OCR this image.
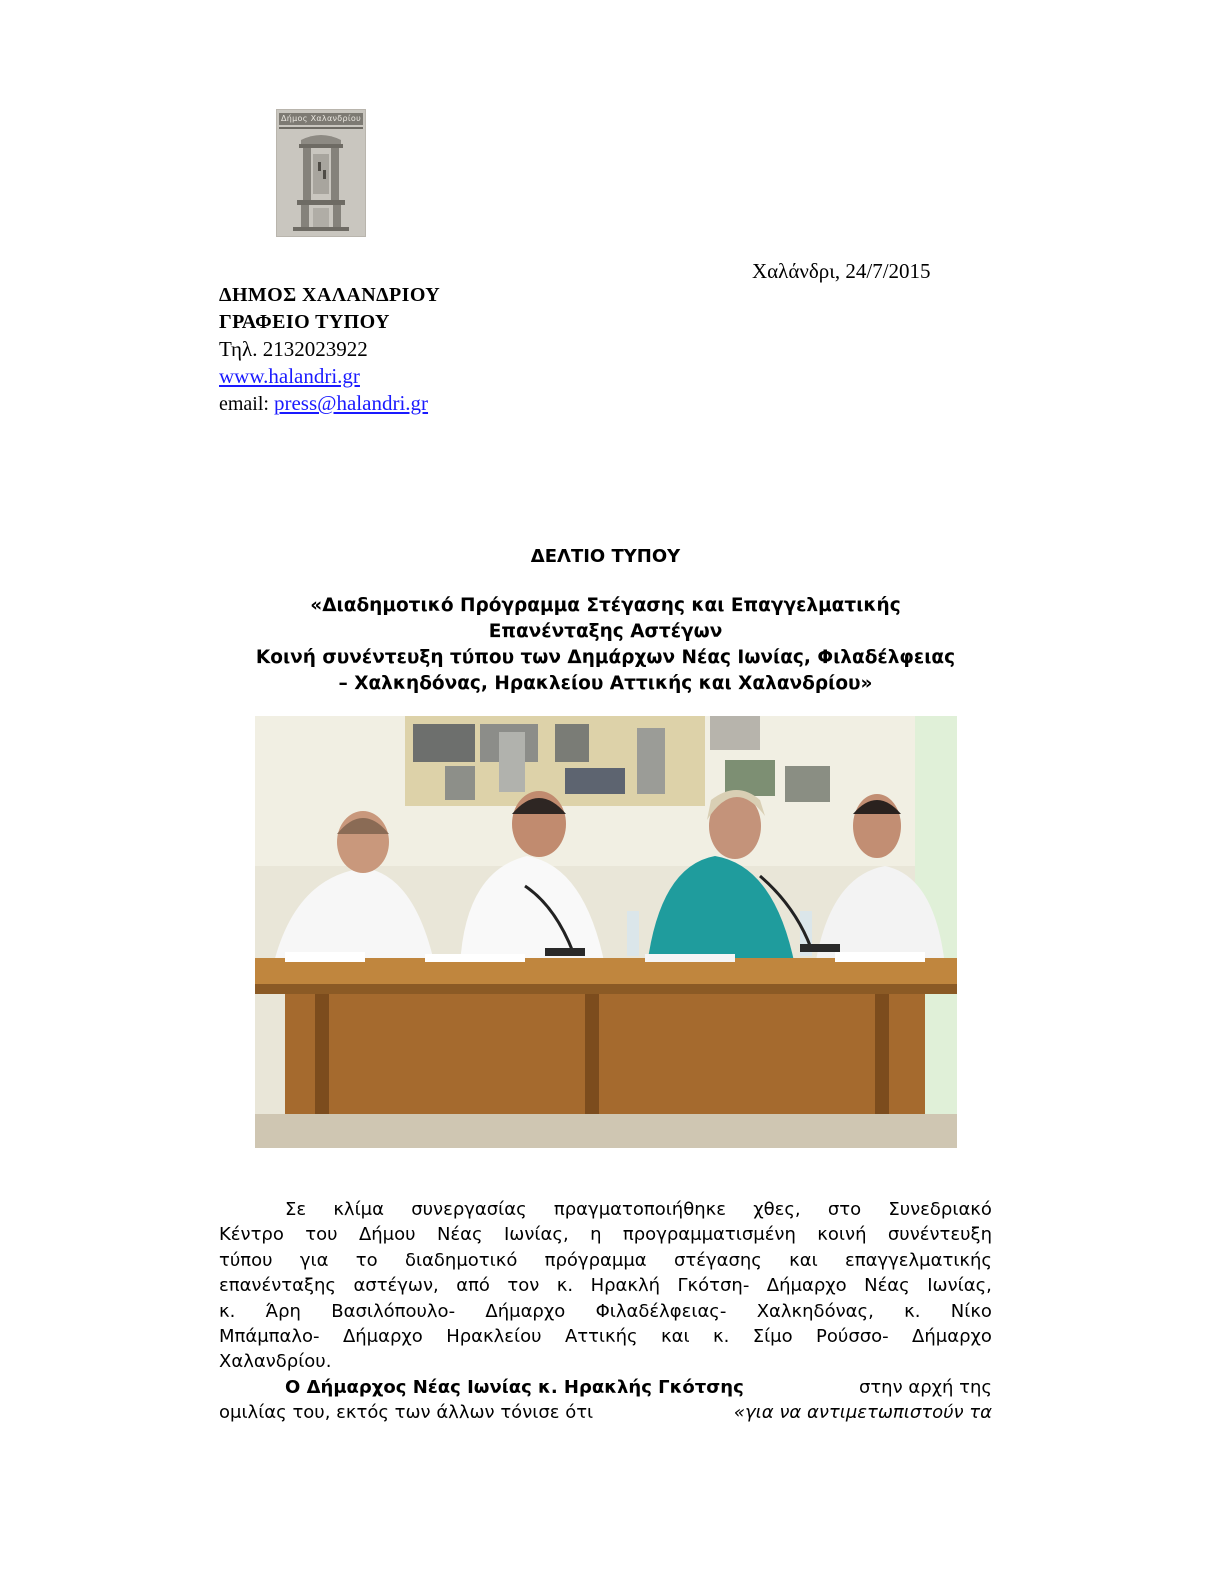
Δήμος Χαλανδρίου
Χαλάνδρι, 24/7/2015
ΔΗΜΟΣ ΧΑΛΑΝΔΡΙΟΥ
ΓΡΑΦΕΙΟ ΤΥΠΟΥ
Τηλ. 2132023922
www.halandri.gr
email: press@halandri.gr
ΔΕΛΤΙΟ ΤΥΠΟΥ
«Διαδημοτικό Πρόγραμμα Στέγασης και Επαγγελματικής
Επανένταξης Αστέγων
Κοινή συνέντευξη τύπου των Δημάρχων Νέας Ιωνίας, Φιλαδέλφειας
– Χαλκηδόνας, Ηρακλείου Αττικής και Χαλανδρίου»
Σε κλίμα συνεργασίας πραγματοποιήθηκε χθες, στο Συνεδριακό
Κέντρο του Δήμου Νέας Ιωνίας, η προγραμματισμένη κοινή συνέντευξη
τύπου για το διαδημοτικό πρόγραμμα στέγασης και επαγγελματικής
επανένταξης αστέγων, από τον κ. Ηρακλή Γκότση- Δήμαρχο Νέας Ιωνίας,
κ. Άρη Βασιλόπουλο- Δήμαρχο Φιλαδέλφειας- Χαλκηδόνας, κ. Νίκο
Μπάμπαλο- Δήμαρχο Ηρακλείου Αττικής και κ. Σίμο Ρούσσο- Δήμαρχο
Χαλανδρίου.
Ο Δήμαρχος Νέας Ιωνίας κ. Ηρακλής Γκότσης	στην αρχή της
ομιλίας του, εκτός των άλλων τόνισε ότι	«για να αντιμετωπιστούν τα
